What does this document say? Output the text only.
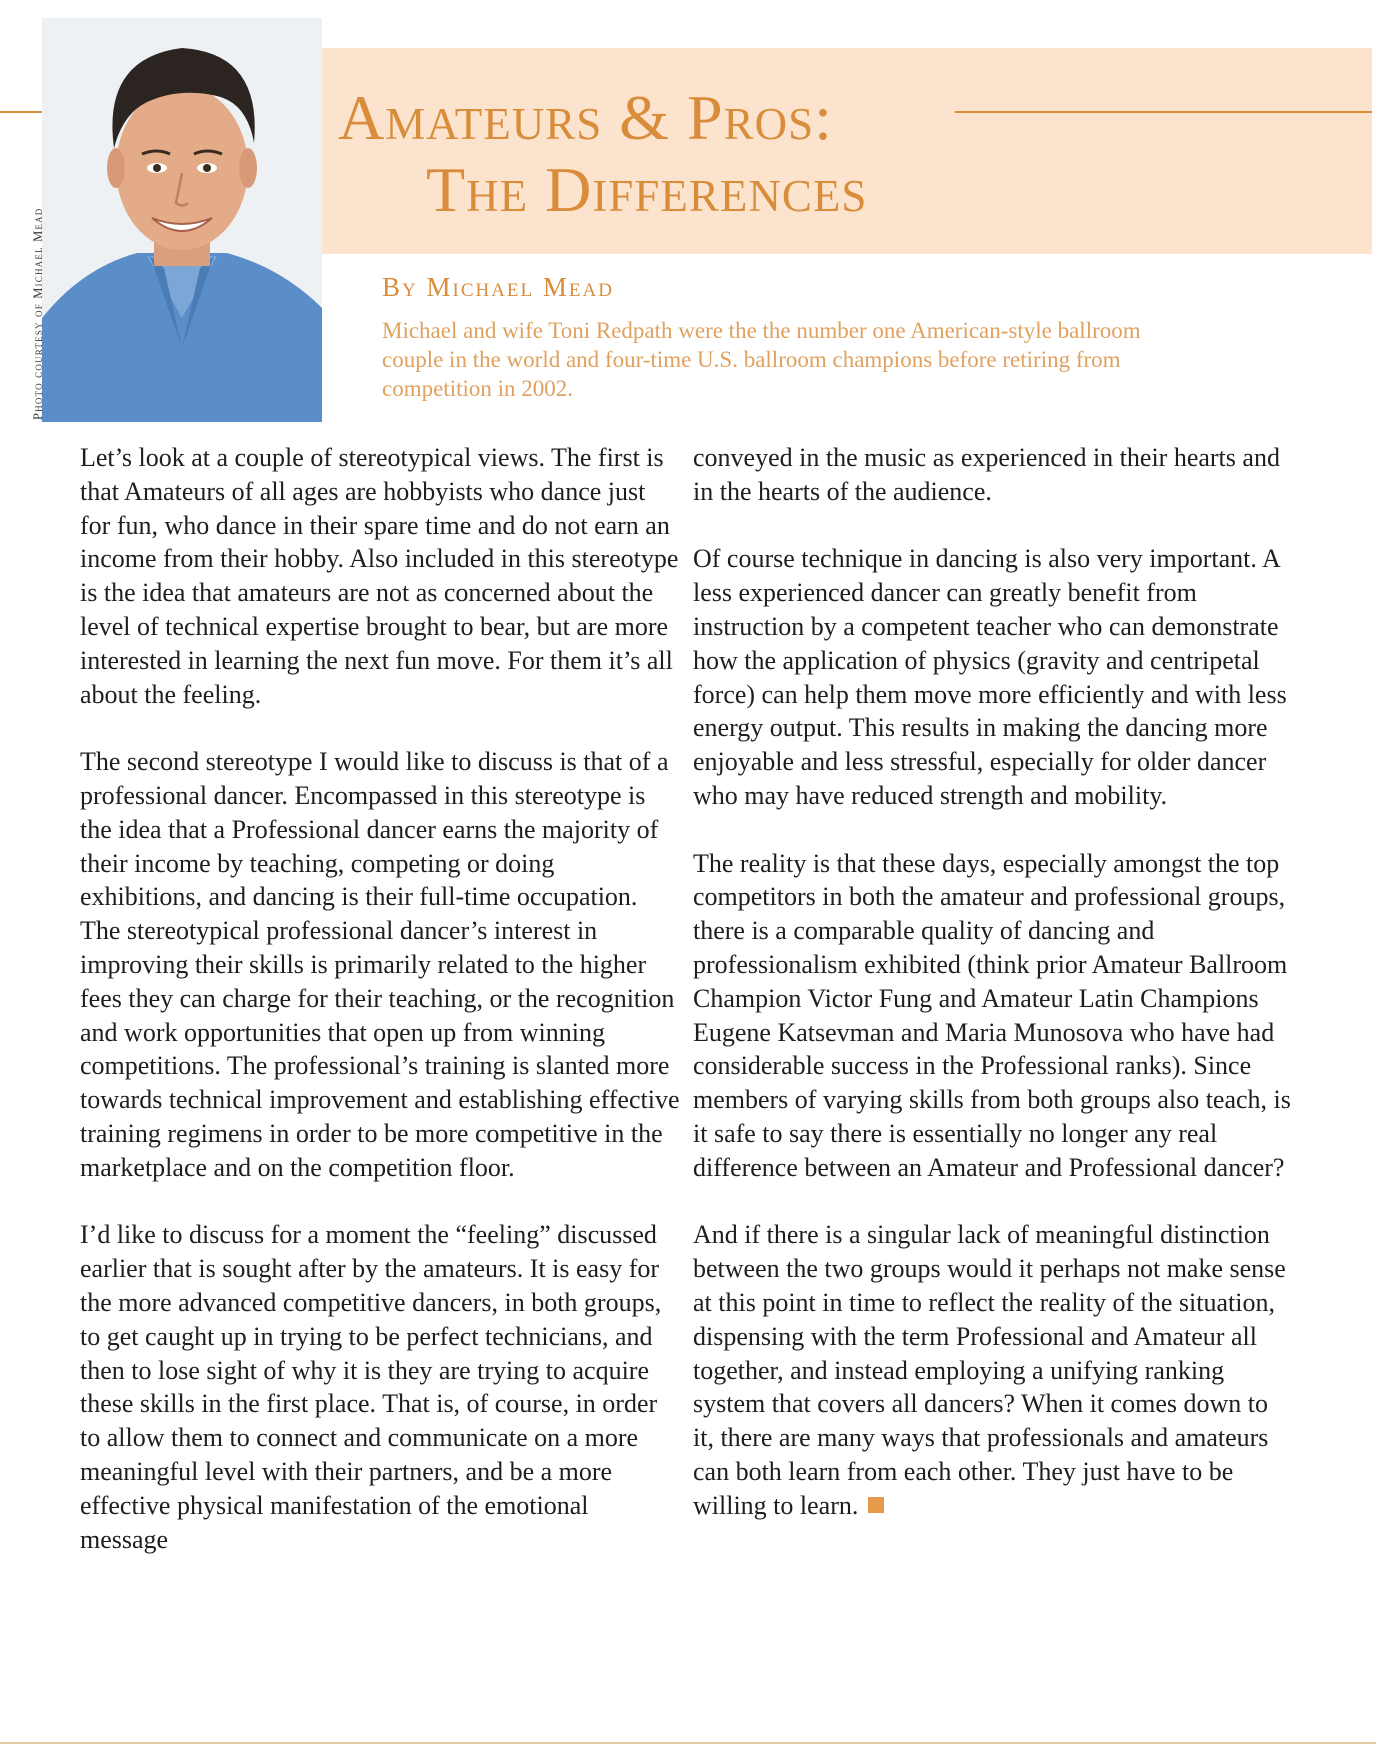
Photo courtesy of Michael Mead
Amateurs & Pros:
The Differences
By Michael Mead
Michael and wife Toni Redpath were the the number one American-style ballroom couple in the world and four-time U.S. ballroom champions before retiring from competition in 2002.

Let’s look at a couple of stereotypical views. The first is that Amateurs of all ages are hobbyists who dance just for fun, who dance in their spare time and do not earn an income from their hobby. Also included in this stereotype is the idea that amateurs are not as concerned about the level of technical expertise brought to bear, but are more interested in learning the next fun move. For them it’s all about the feeling.

The second stereotype I would like to discuss is that of a professional dancer. Encompassed in this stereotype is the idea that a Professional dancer earns the majority of their income by teaching, competing or doing exhibitions, and dancing is their full-time occupation. The stereotypical professional dancer’s interest in improving their skills is primarily related to the higher fees they can charge for their teaching, or the recognition and work opportunities that open up from winning competitions. The professional’s training is slanted more towards technical improvement and establishing effective training regimens in order to be more competitive in the marketplace and on the competition floor.

I’d like to discuss for a moment the “feeling” discussed earlier that is sought after by the amateurs. It is easy for the more advanced competitive dancers, in both groups, to get caught up in trying to be perfect technicians, and then to lose sight of why it is they are trying to acquire these skills in the first place. That is, of course, in order to allow them to connect and communicate on a more meaningful level with their partners, and be a more effective physical manifestation of the emotional message

conveyed in the music as experienced in their hearts and in the hearts of the audience.

Of course technique in dancing is also very important. A less experienced dancer can greatly benefit from instruction by a competent teacher who can demonstrate how the application of physics (gravity and centripetal force) can help them move more efficiently and with less energy output. This results in making the dancing more enjoyable and less stressful, especially for older dancer who may have reduced strength and mobility.

The reality is that these days, especially amongst the top competitors in both the amateur and professional groups, there is a comparable quality of dancing and professionalism exhibited (think prior Amateur Ballroom Champion Victor Fung and Amateur Latin Champions Eugene Katsevman and Maria Munosova who have had considerable success in the Professional ranks). Since members of varying skills from both groups also teach, is it safe to say there is essentially no longer any real difference between an Amateur and Professional dancer?

And if there is a singular lack of meaningful distinction between the two groups would it perhaps not make sense at this point in time to reflect the reality of the situation, dispensing with the term Professional and Amateur all together, and instead employing a unifying ranking system that covers all dancers? When it comes down to it, there are many ways that professionals and amateurs can both learn from each other. They just have to be willing to learn.
